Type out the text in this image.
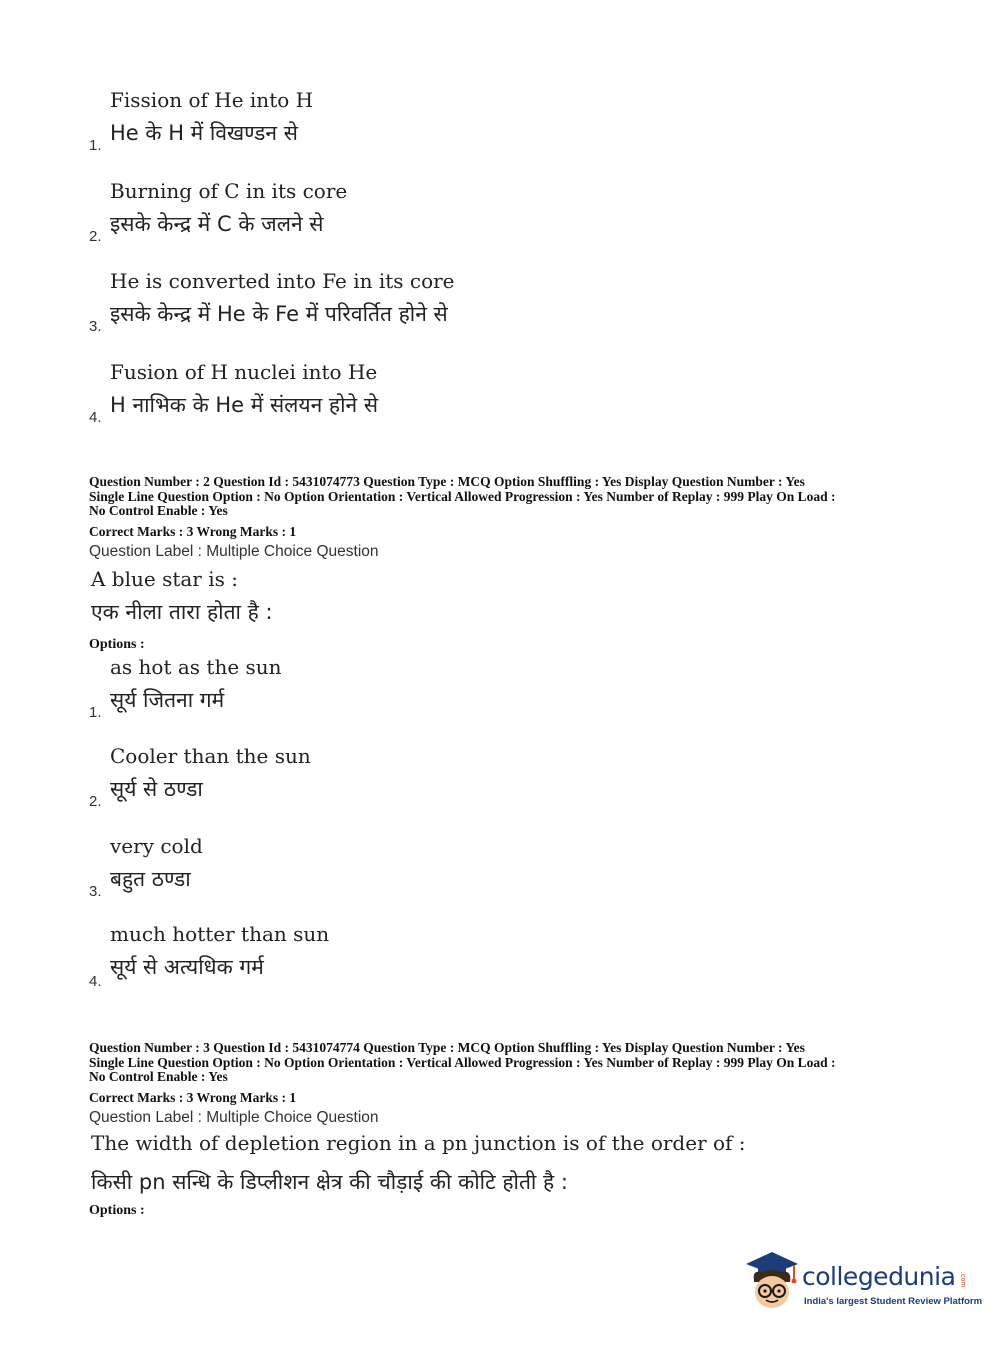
Fission of He into H
He के H में विखण्डन से
1.
Burning of C in its core
इसके केन्द्र में C के जलने से
2.
He is converted into Fe in its core
इसके केन्द्र में He के Fe में परिवर्तित होने से
3.
Fusion of H nuclei into He
H नाभिक के He में संलयन होने से
4.
Question Number : 2 Question Id : 5431074773 Question Type : MCQ Option Shuffling : Yes Display Question Number : Yes
Single Line Question Option : No Option Orientation : Vertical Allowed Progression : Yes Number of Replay : 999 Play On Load :
No Control Enable : Yes
Correct Marks : 3 Wrong Marks : 1
Question Label : Multiple Choice Question
A blue star is :
एक नीला तारा होता है :
Options :
as hot as the sun
सूर्य जितना गर्म
1.
Cooler than the sun
सूर्य से ठण्डा
2.
very cold
बहुत ठण्डा
3.
much hotter than sun
सूर्य से अत्यधिक गर्म
4.
Question Number : 3 Question Id : 5431074774 Question Type : MCQ Option Shuffling : Yes Display Question Number : Yes
Single Line Question Option : No Option Orientation : Vertical Allowed Progression : Yes Number of Replay : 999 Play On Load :
No Control Enable : Yes
Correct Marks : 3 Wrong Marks : 1
Question Label : Multiple Choice Question
The width of depletion region in a pn junction is of the order of :
किसी pn सन्धि के डिप्लीशन क्षेत्र की चौड़ाई की कोटि होती है :
Options :
collegedunia .com
India's largest Student Review Platform
